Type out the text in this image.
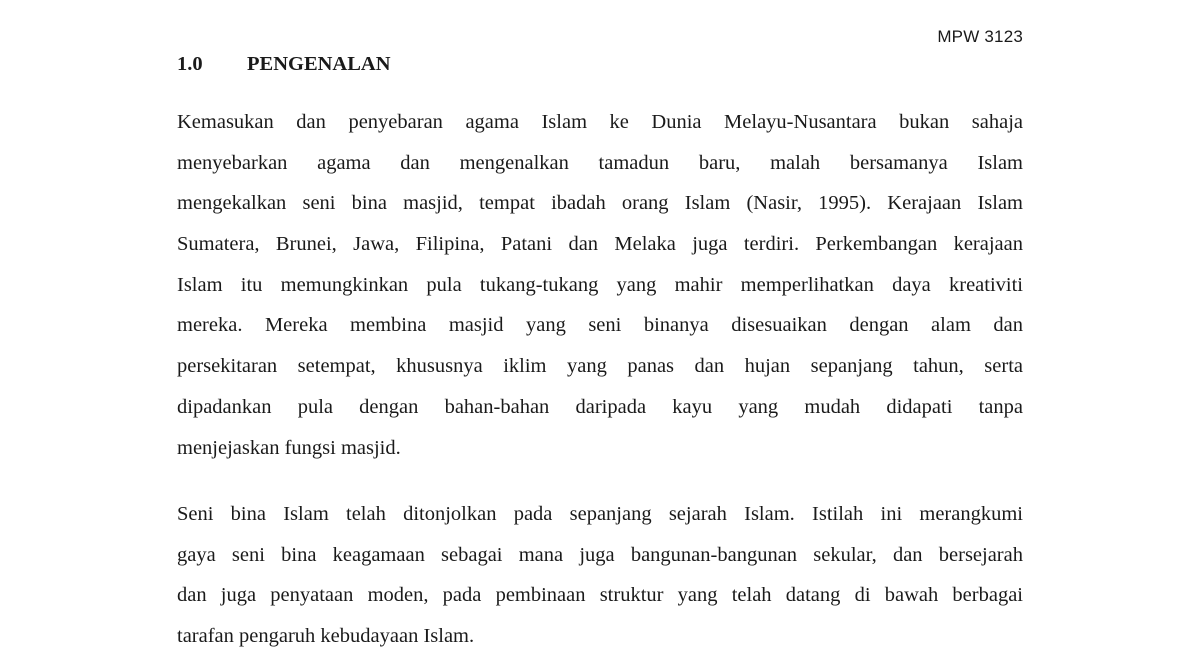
MPW 3123
1.0 PENGENALAN
Kemasukan dan penyebaran agama Islam ke Dunia Melayu-Nusantara bukan sahaja
menyebarkan agama dan mengenalkan tamadun baru, malah bersamanya Islam
mengekalkan seni bina masjid, tempat ibadah orang Islam (Nasir, 1995). Kerajaan Islam
Sumatera, Brunei, Jawa, Filipina, Patani dan Melaka juga terdiri. Perkembangan kerajaan
Islam itu memungkinkan pula tukang-tukang yang mahir memperlihatkan daya kreativiti
mereka. Mereka membina masjid yang seni binanya disesuaikan dengan alam dan
persekitaran setempat, khususnya iklim yang panas dan hujan sepanjang tahun, serta
dipadankan pula dengan bahan-bahan daripada kayu yang mudah didapati tanpa
menjejaskan fungsi masjid.
Seni bina Islam telah ditonjolkan pada sepanjang sejarah Islam. Istilah ini merangkumi
gaya seni bina keagamaan sebagai mana juga bangunan-bangunan sekular, dan bersejarah
dan juga penyataan moden, pada pembinaan struktur yang telah datang di bawah berbagai
tarafan pengaruh kebudayaan Islam.
